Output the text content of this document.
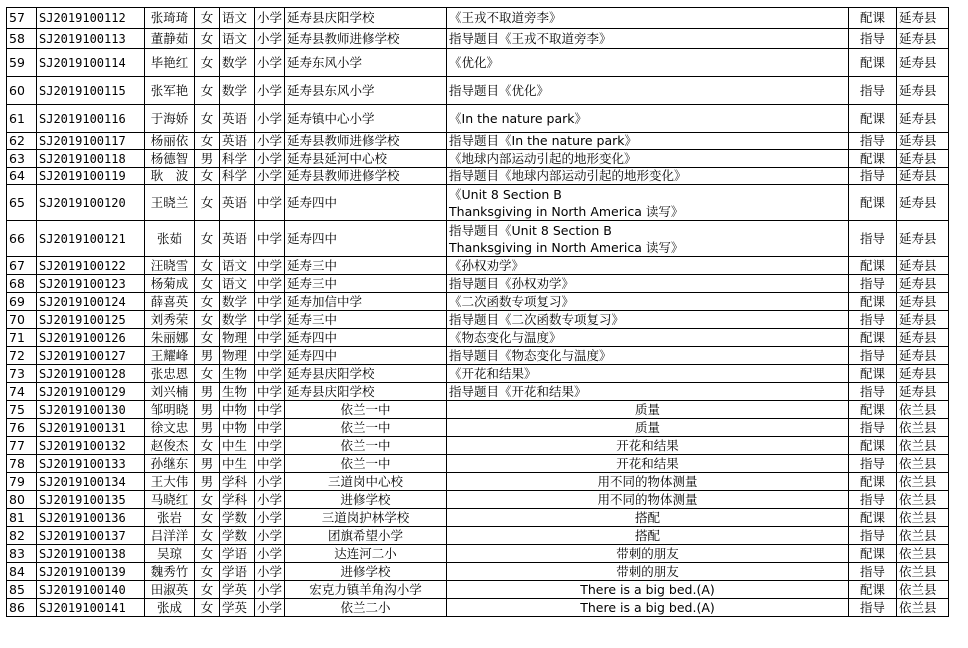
57	SJ2019100112	张琦琦	女	语文	小学	延寿县庆阳学校	《王戎不取道旁李》	配课	延寿县
58	SJ2019100113	董静茹	女	语文	小学	延寿县教师进修学校	指导题目《王戎不取道旁李》	指导	延寿县
59	SJ2019100114	毕艳红	女	数学	小学	延寿东风小学	《优化》	配课	延寿县
60	SJ2019100115	张军艳	女	数学	小学	延寿县东风小学	指导题目《优化》	指导	延寿县
61	SJ2019100116	于海娇	女	英语	小学	延寿镇中心小学	《In the nature park》	配课	延寿县
62	SJ2019100117	杨丽依	女	英语	小学	延寿县教师进修学校	指导题目《In the nature park》	指导	延寿县
63	SJ2019100118	杨德智	男	科学	小学	延寿县延河中心校	《地球内部运动引起的地形变化》	配课	延寿县
64	SJ2019100119	耿　波	女	科学	小学	延寿县教师进修学校	指导题目《地球内部运动引起的地形变化》	指导	延寿县
65	SJ2019100120	王晓兰	女	英语	中学	延寿四中	《Unit 8 Section B
Thanksgiving in North America 读写》	配课	延寿县
66	SJ2019100121	张茹	女	英语	中学	延寿四中	指导题目《Unit 8 Section B
Thanksgiving in North America 读写》	指导	延寿县
67	SJ2019100122	汪晓雪	女	语文	中学	延寿三中	《孙权劝学》	配课	延寿县
68	SJ2019100123	杨菊成	女	语文	中学	延寿三中	指导题目《孙权劝学》	指导	延寿县
69	SJ2019100124	薛喜英	女	数学	中学	延寿加信中学	《二次函数专项复习》	配课	延寿县
70	SJ2019100125	刘秀荣	女	数学	中学	延寿三中	指导题目《二次函数专项复习》	指导	延寿县
71	SJ2019100126	朱丽娜	女	物理	中学	延寿四中	《物态变化与温度》	配课	延寿县
72	SJ2019100127	王耀峰	男	物理	中学	延寿四中	指导题目《物态变化与温度》	指导	延寿县
73	SJ2019100128	张忠恩	女	生物	中学	延寿县庆阳学校	《开花和结果》	配课	延寿县
74	SJ2019100129	刘兴楠	男	生物	中学	延寿县庆阳学校	指导题目《开花和结果》	指导	延寿县
75	SJ2019100130	邹明晓	男	中物	中学	依兰一中	质量	配课	依兰县
76	SJ2019100131	徐文忠	男	中物	中学	依兰一中	质量	指导	依兰县
77	SJ2019100132	赵俊杰	女	中生	中学	依兰一中	开花和结果	配课	依兰县
78	SJ2019100133	孙继东	男	中生	中学	依兰一中	开花和结果	指导	依兰县
79	SJ2019100134	王大伟	男	学科	小学	三道岗中心校	用不同的物体测量	配课	依兰县
80	SJ2019100135	马晓红	女	学科	小学	进修学校	用不同的物体测量	指导	依兰县
81	SJ2019100136	张岩	女	学数	小学	三道岗护林学校	搭配	配课	依兰县
82	SJ2019100137	吕洋洋	女	学数	小学	团旗希望小学	搭配	指导	依兰县
83	SJ2019100138	吴琼	女	学语	小学	达连河二小	带刺的朋友	配课	依兰县
84	SJ2019100139	魏秀竹	女	学语	小学	进修学校	带刺的朋友	指导	依兰县
85	SJ2019100140	田淑英	女	学英	小学	宏克力镇羊角沟小学	There is a big bed.(A)	配课	依兰县
86	SJ2019100141	张成	女	学英	小学	依兰二小	There is a big bed.(A)	指导	依兰县
